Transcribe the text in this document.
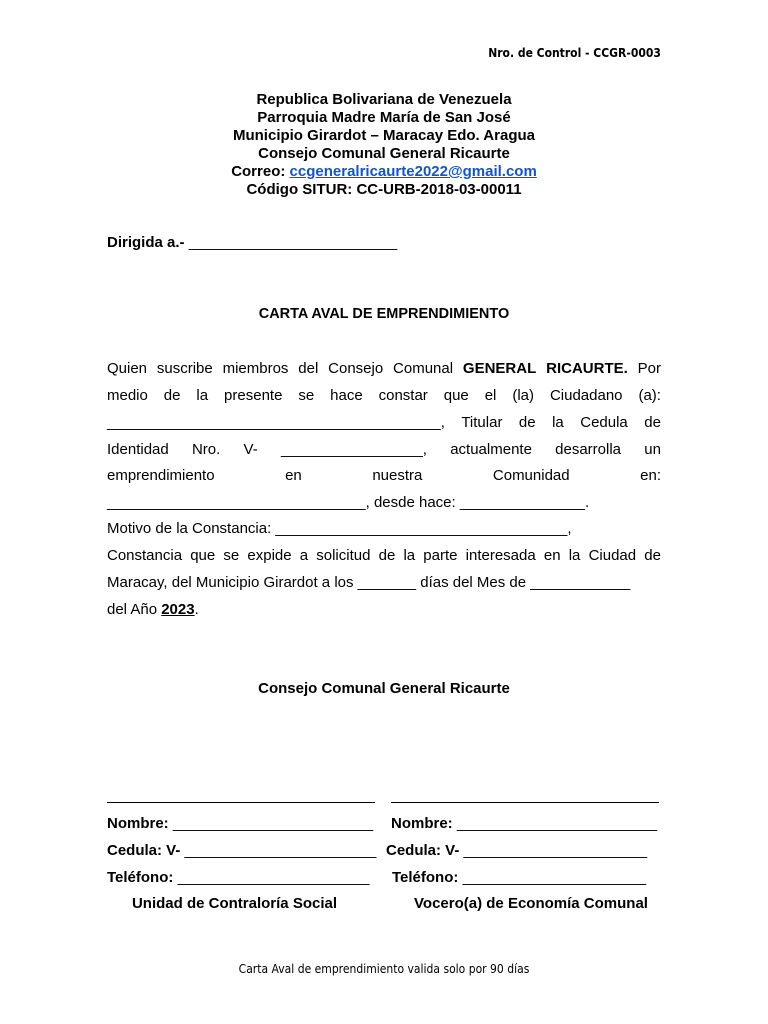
Nro. de Control - CCGR-0003
Republica Bolivariana de Venezuela
Parroquia Madre María de San José
Municipio Girardot – Maracay Edo. Aragua
Consejo Comunal General Ricaurte
Correo: ccgeneralricaurte2022@gmail.com
Código SITUR: CC-URB-2018-03-00011
Dirigida a.- _________________________
CARTA AVAL DE EMPRENDIMIENTO
Quien suscribe miembros del Consejo Comunal GENERAL RICAURTE. Por
medio de la presente se hace constar que el (la) Ciudadano (a):
________________________________________, Titular de la Cedula de
Identidad Nro. V- _________________, actualmente desarrolla un
emprendimiento	en	nuestra	Comunidad	en:
_______________________________, desde hace: _______________.
Motivo de la Constancia: ___________________________________,
Constancia que se expide a solicitud de la parte interesada en la Ciudad de
Maracay, del Municipio Girardot a los _______ días del Mes de ____________
del Año 2023.
Consejo Comunal General Ricaurte
Nombre: ________________________
Cedula: V- _______________________
Teléfono: _______________________
Unidad de Contraloría Social
Nombre: ________________________
Cedula: V- ______________________
Teléfono: ______________________
Vocero(a) de Economía Comunal
Carta Aval de emprendimiento valida solo por 90 días
